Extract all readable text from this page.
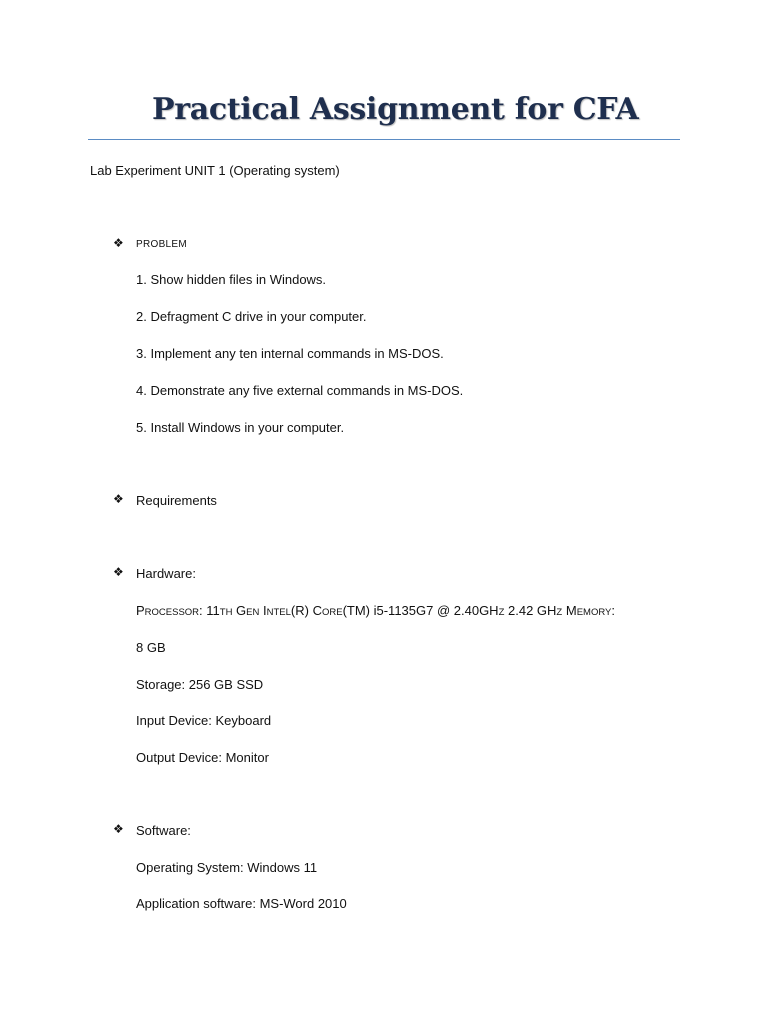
Practical Assignment for CFA
Lab Experiment UNIT 1 (Operating system)
❖ PROBLEM
1. Show hidden files in Windows.
2. Defragment C drive in your computer.
3. Implement any ten internal commands in MS-DOS.
4. Demonstrate any five external commands in MS-DOS.
5. Install Windows in your computer.
❖ Requirements
❖ Hardware:
PROCESSOR: 11TH GEN INTEL(R) CORE(TM) i5-1135G7 @ 2.40GHZ 2.42 GHZ MEMORY:
8 GB
Storage: 256 GB SSD
Input Device: Keyboard
Output Device: Monitor
❖ Software:
Operating System: Windows 11
Application software: MS-Word 2010
